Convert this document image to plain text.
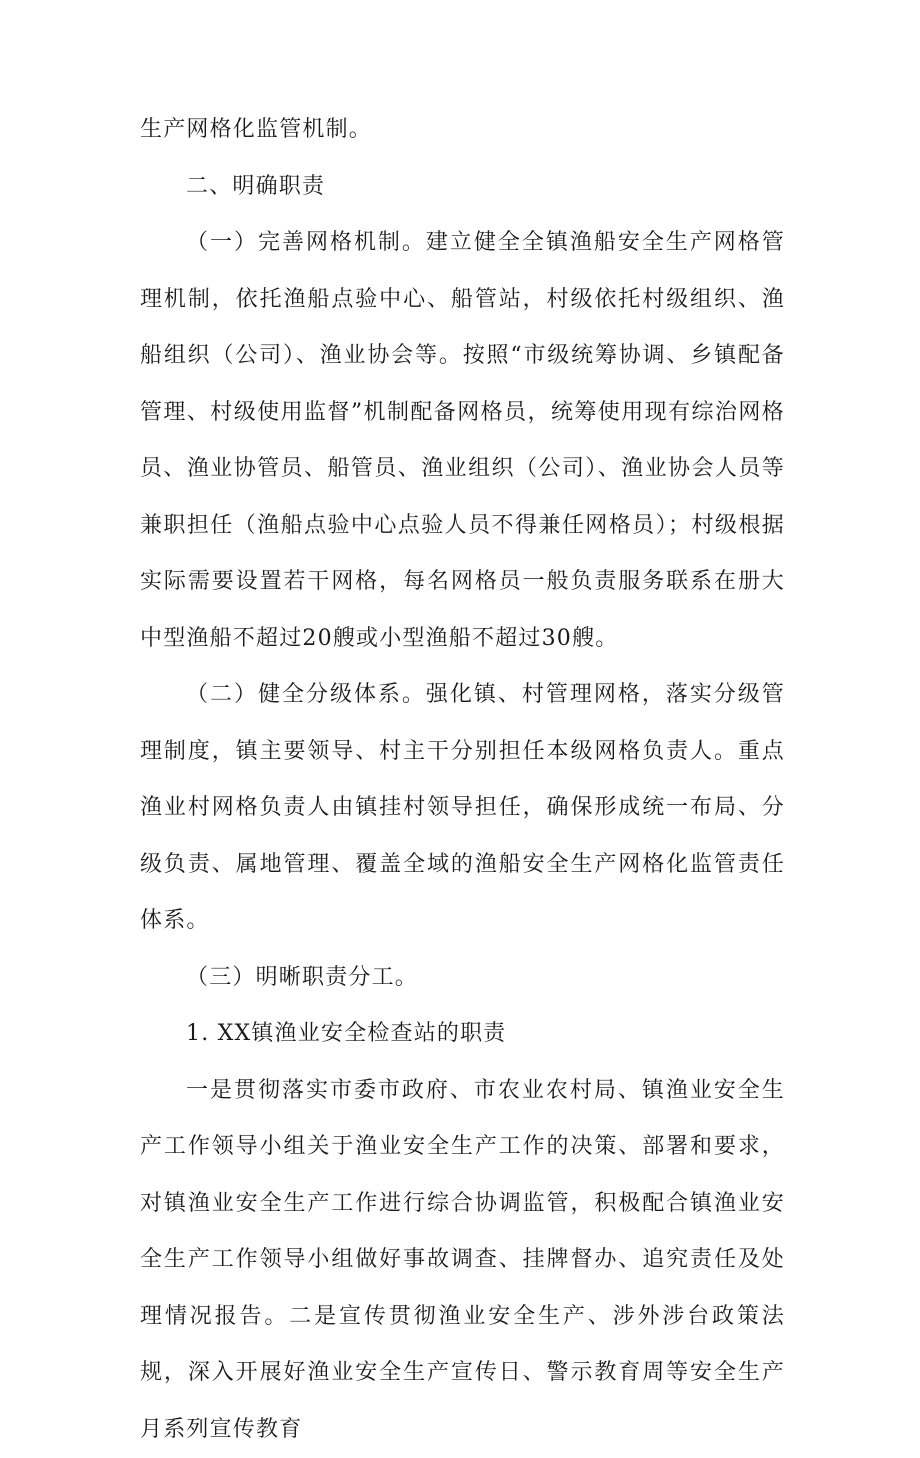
生产网格化监管机制。

二、明确职责

（一）完善网格机制。建立健全全镇渔船安全生产网格管理机制，依托渔船点验中心、船管站，村级依托村级组织、渔船组织（公司）、渔业协会等。按照“市级统筹协调、乡镇配备管理、村级使用监督”机制配备网格员，统筹使用现有综治网格员、渔业协管员、船管员、渔业组织（公司）、渔业协会人员等兼职担任（渔船点验中心点验人员不得兼任网格员）；村级根据实际需要设置若干网格，每名网格员一般负责服务联系在册大中型渔船不超过20艘或小型渔船不超过30艘。

（二）健全分级体系。强化镇、村管理网格，落实分级管理制度，镇主要领导、村主干分别担任本级网格负责人。重点渔业村网格负责人由镇挂村领导担任，确保形成统一布局、分级负责、属地管理、覆盖全域的渔船安全生产网格化监管责任体系。

（三）明晰职责分工。

1. XX镇渔业安全检查站的职责

一是贯彻落实市委市政府、市农业农村局、镇渔业安全生产工作领导小组关于渔业安全生产工作的决策、部署和要求，对镇渔业安全生产工作进行综合协调监管，积极配合镇渔业安全生产工作领导小组做好事故调查、挂牌督办、追究责任及处理情况报告。二是宣传贯彻渔业安全生产、涉外涉台政策法规，深入开展好渔业安全生产宣传日、警示教育周等安全生产月系列宣传教育
